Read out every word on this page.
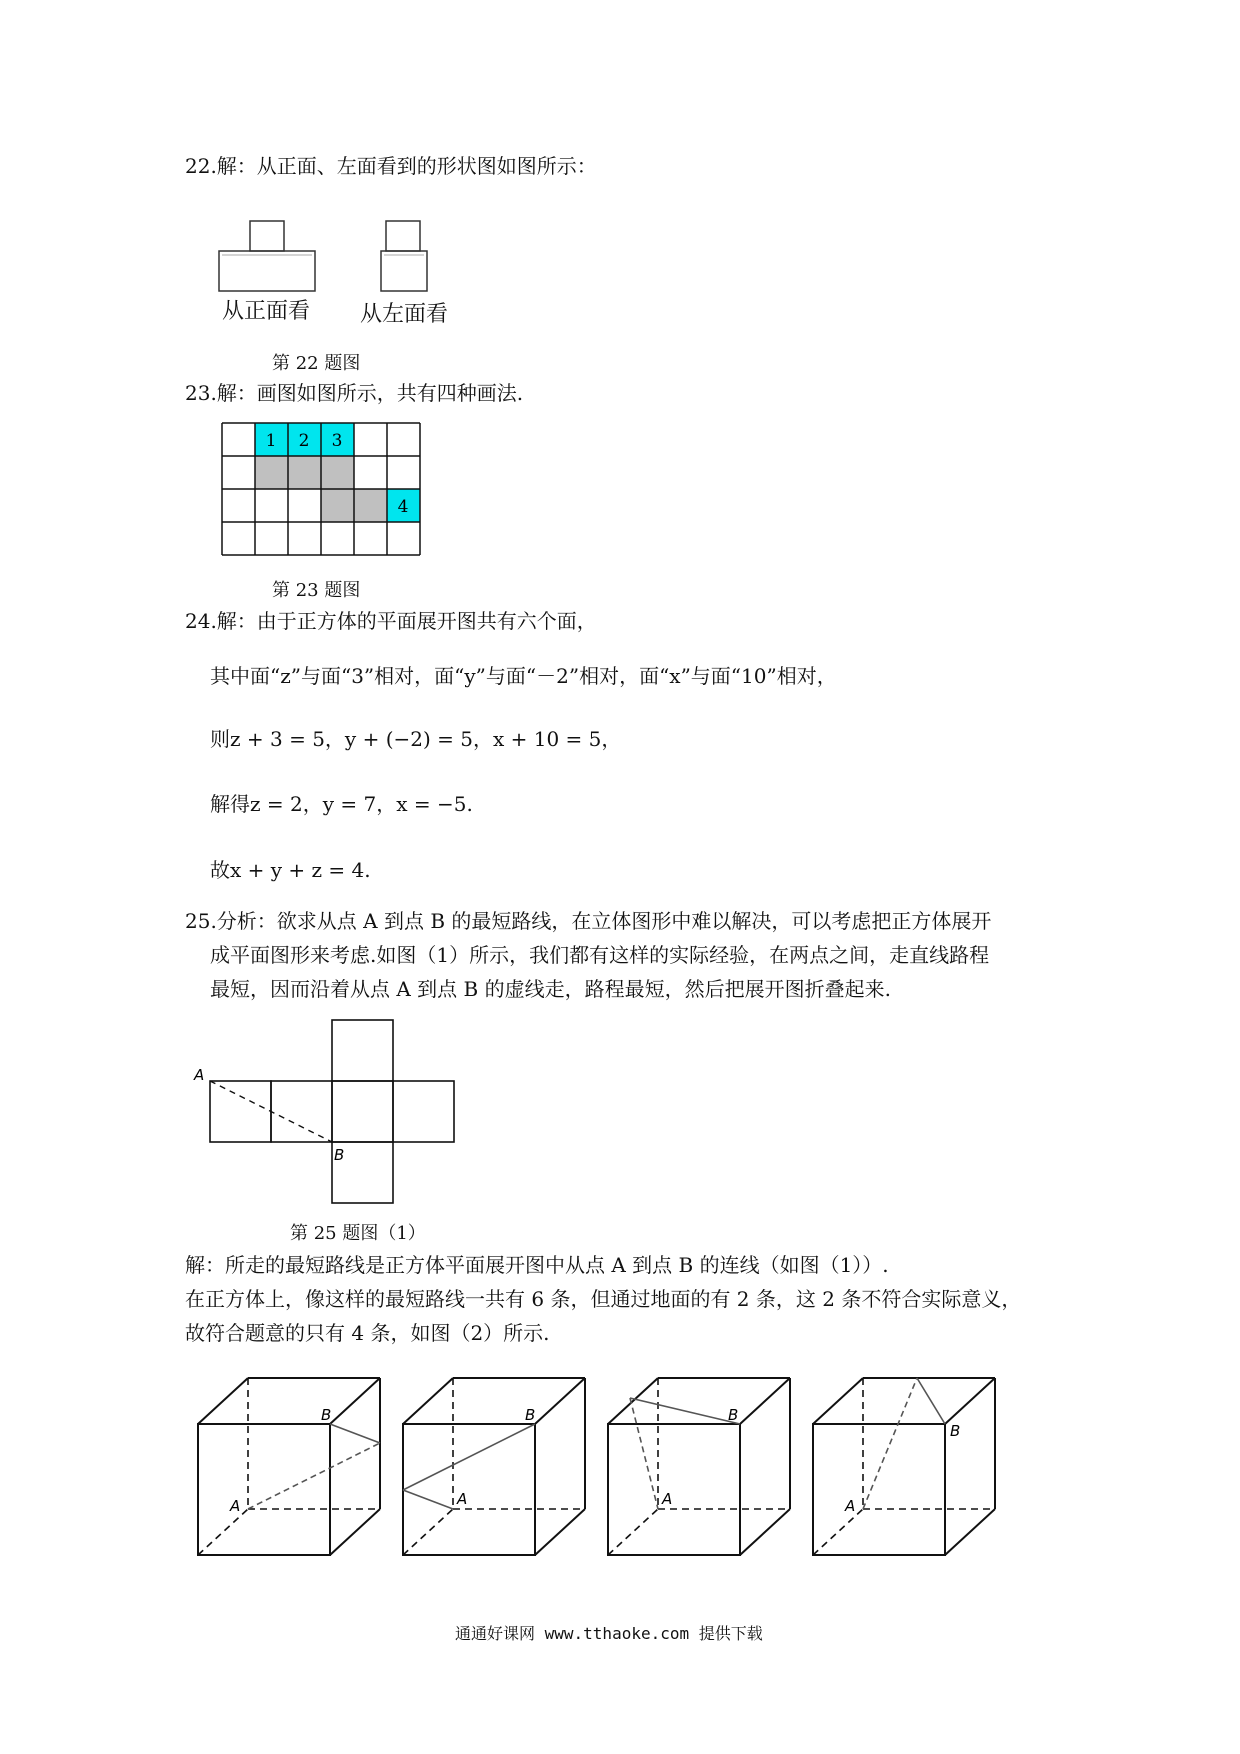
22.解：从正面、左面看到的形状图如图所示：
从正面看 从左面看
第 22 题图
23.解：画图如图所示，共有四种画法.
1 2 3
4
第 23 题图
24.解：由于正方体的平面展开图共有六个面，
其中面“z”与面“3”相对，面“y”与面“－2”相对，面“x”与面“10”相对，
则z + 3 = 5，y + (−2) = 5，x + 10 = 5，
解得z = 2，y = 7，x = −5.
故x + y + z = 4.
25.分析：欲求从点 A 到点 B 的最短路线，在立体图形中难以解决，可以考虑把正方体展开
成平面图形来考虑.如图（1）所示，我们都有这样的实际经验，在两点之间，走直线路程
最短，因而沿着从点 A 到点 B 的虚线走，路程最短，然后把展开图折叠起来.
A
B
第 25 题图（1）
解：所走的最短路线是正方体平面展开图中从点 A 到点 B 的连线（如图（1））.
在正方体上，像这样的最短路线一共有 6 条，但通过地面的有 2 条，这 2 条不符合实际意义，
故符合题意的只有 4 条，如图（2）所示.
B
A
B
A
B
A
B
A
通通好课网 www.tthaoke.com 提供下载
